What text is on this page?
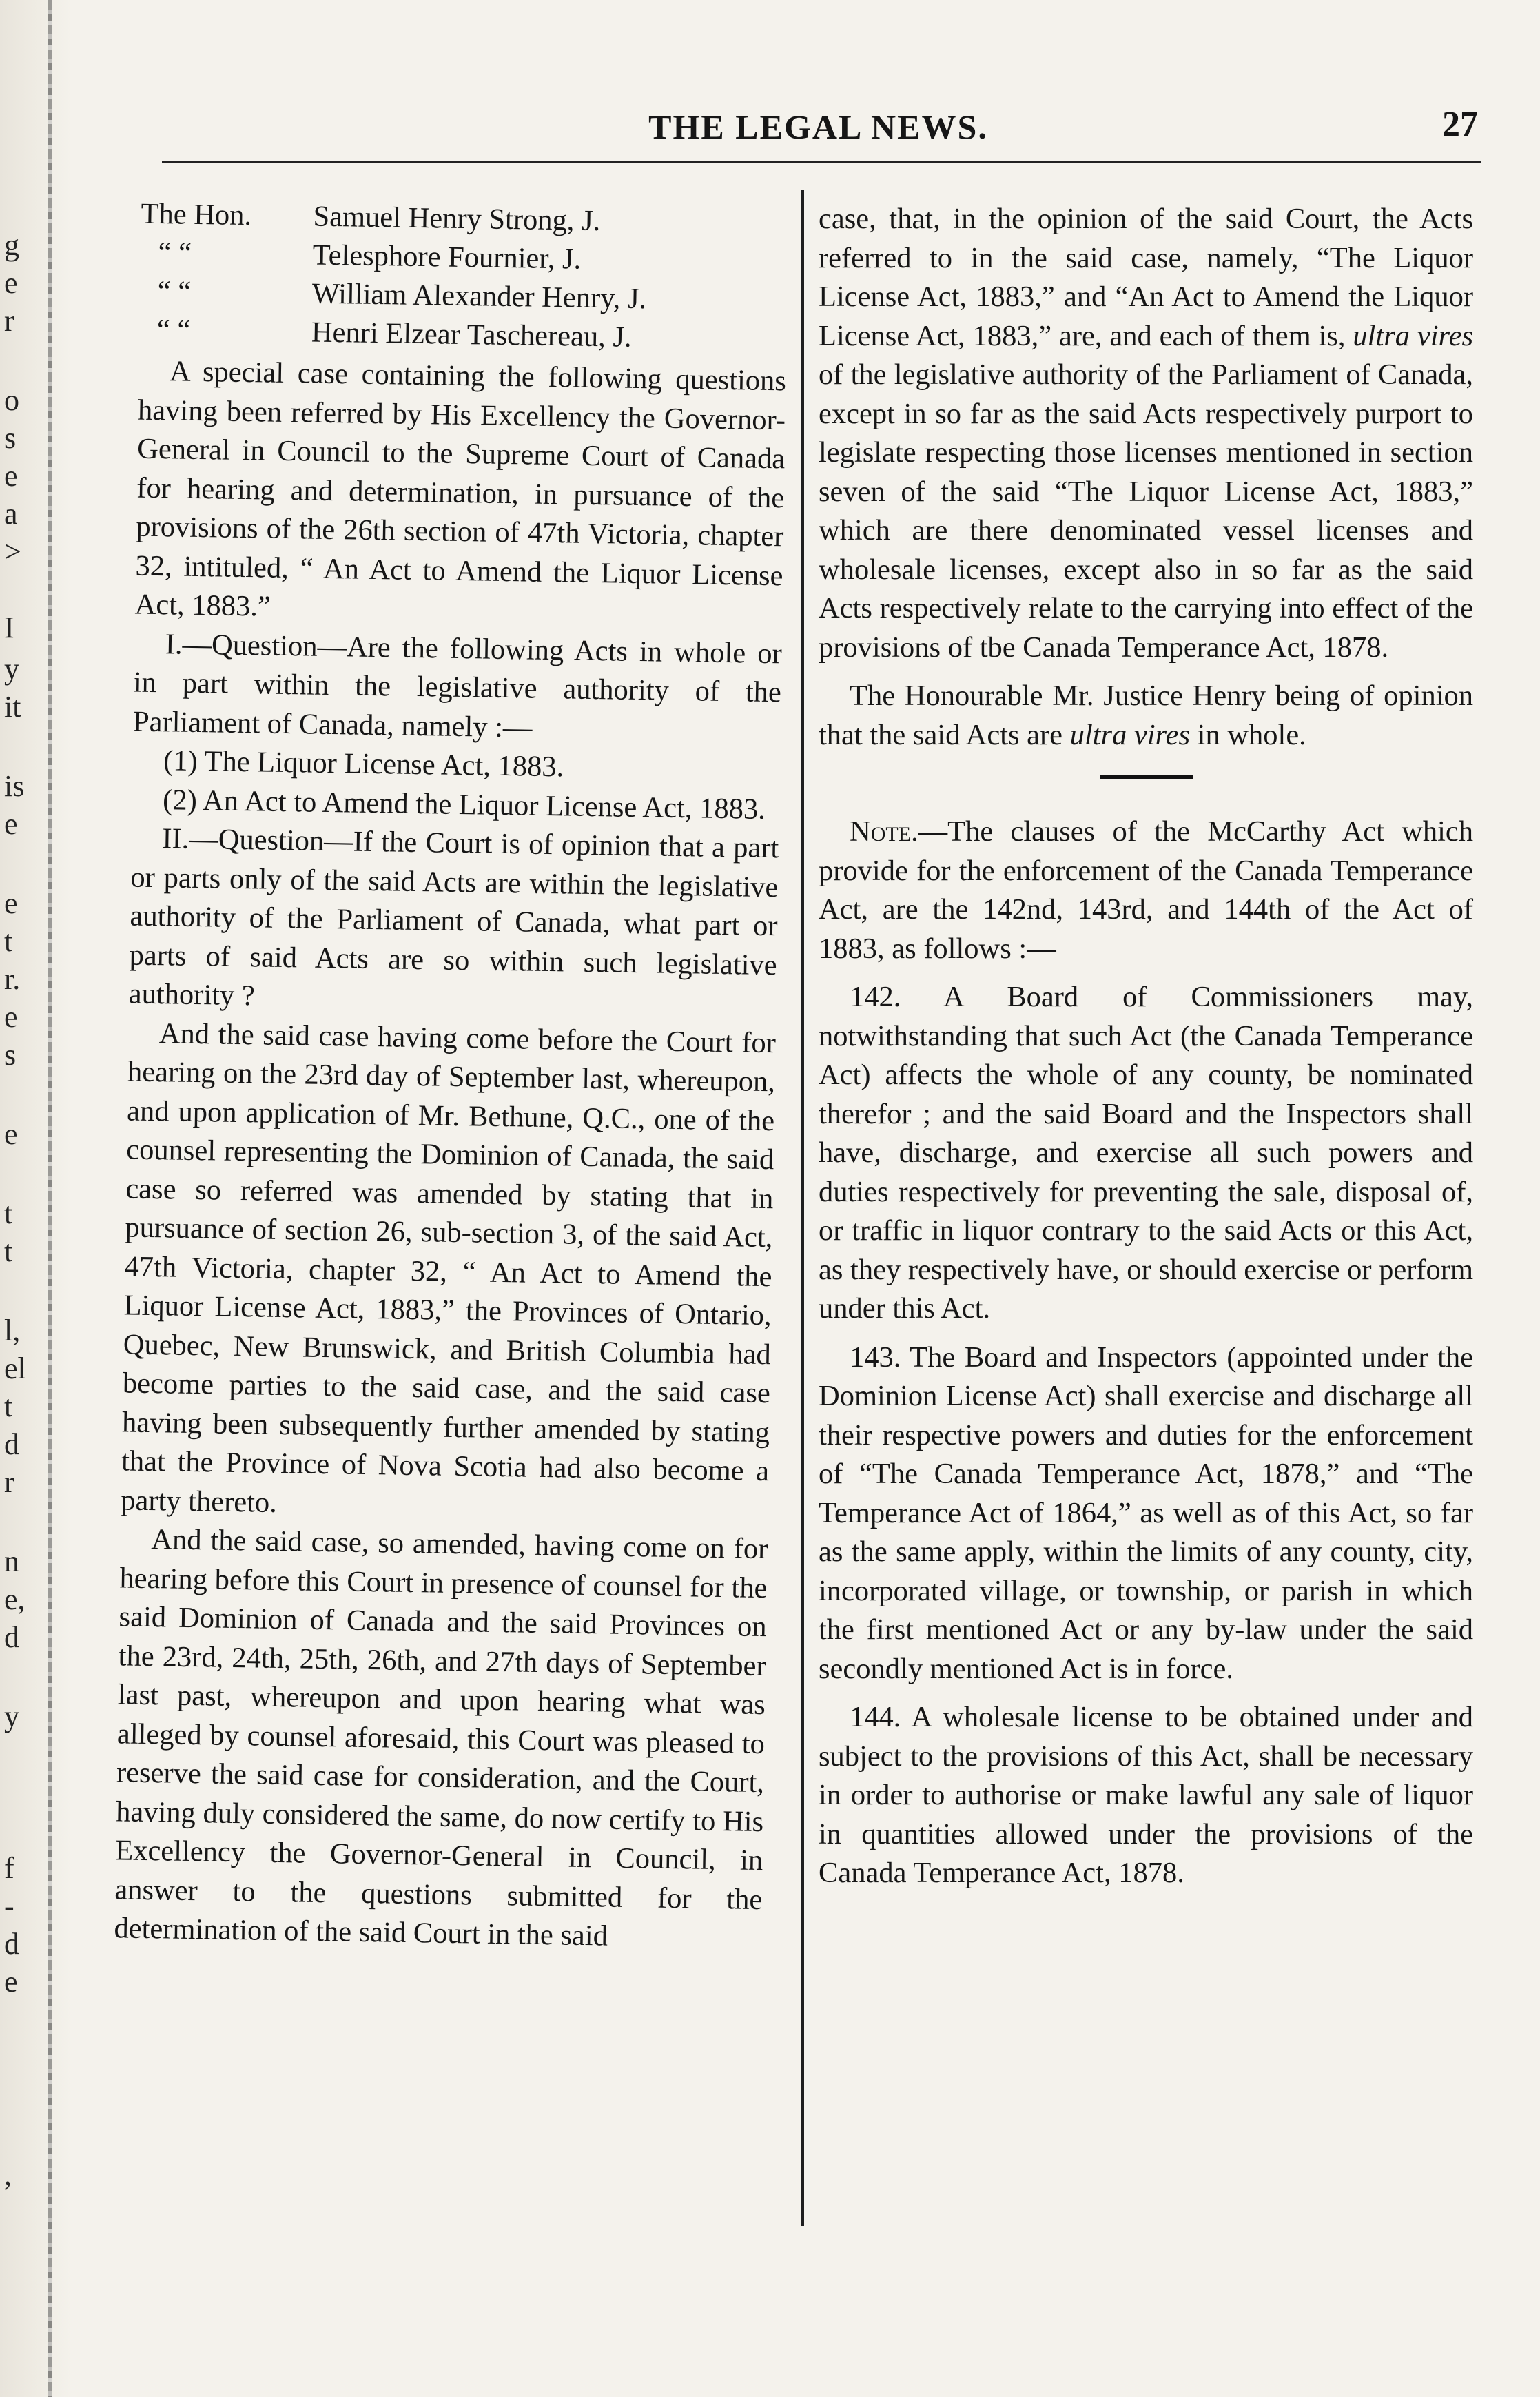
g
e
r
o
s
e
a
>
I
y
it
is
e
e
t
r.
e
s
e
t
t
l,
el
t
d
r
n
e,
d
y
f
-
d
e
,
THE LEGAL NEWS.	27
The Hon.	Samuel Henry Strong, J.
“ “	Telesphore Fournier, J.
“ “	William Alexander Henry, J.
“ “	Henri Elzear Taschereau, J.

A special case containing the following questions having been referred by His Excellency the Governor-General in Council to the Supreme Court of Canada for hearing and determination, in pursuance of the provisions of the 26th section of 47th Victoria, chapter 32, intituled, “ An Act to Amend the Liquor License Act, 1883.”

I.—Question—Are the following Acts in whole or in part within the legislative authority of the Parliament of Canada, namely :—

(1) The Liquor License Act, 1883.

(2) An Act to Amend the Liquor License Act, 1883.

II.—Question—If the Court is of opinion that a part or parts only of the said Acts are within the legislative authority of the Parliament of Canada, what part or parts of said Acts are so within such legislative authority ?

And the said case having come before the Court for hearing on the 23rd day of September last, whereupon, and upon application of Mr. Bethune, Q.C., one of the counsel representing the Dominion of Canada, the said case so referred was amended by stating that in pursuance of section 26, sub-section 3, of the said Act, 47th Victoria, chapter 32, “ An Act to Amend the Liquor License Act, 1883,” the Provinces of Ontario, Quebec, New Brunswick, and British Columbia had become parties to the said case, and the said case having been subsequently further amended by stating that the Province of Nova Scotia had also become a party thereto.

And the said case, so amended, having come on for hearing before this Court in presence of counsel for the said Dominion of Canada and the said Provinces on the 23rd, 24th, 25th, 26th, and 27th days of September last past, whereupon and upon hearing what was alleged by counsel aforesaid, this Court was pleased to reserve the said case for consideration, and the Court, having duly considered the same, do now certify to His Excellency the Governor-General in Council, in answer to the questions submitted for the determination of the said Court in the said

case, that, in the opinion of the said Court, the Acts referred to in the said case, namely, “The Liquor License Act, 1883,” and “An Act to Amend the Liquor License Act, 1883,” are, and each of them is, ultra vires of the legislative authority of the Parliament of Canada, except in so far as the said Acts respectively purport to legislate respecting those licenses mentioned in section seven of the said “The Liquor License Act, 1883,” which are there denominated vessel licenses and wholesale licenses, except also in so far as the said Acts respectively relate to the carrying into effect of the provisions of tbe Canada Temperance Act, 1878.

The Honourable Mr. Justice Henry being of opinion that the said Acts are ultra vires in whole.

Note.—The clauses of the McCarthy Act which provide for the enforcement of the Canada Temperance Act, are the 142nd, 143rd, and 144th of the Act of 1883, as follows :—

142. A Board of Commissioners may, notwithstanding that such Act (the Canada Temperance Act) affects the whole of any county, be nominated therefor ; and the said Board and the Inspectors shall have, discharge, and exercise all such powers and duties respectively for preventing the sale, disposal of, or traffic in liquor contrary to the said Acts or this Act, as they respectively have, or should exercise or perform under this Act.

143. The Board and Inspectors (appointed under the Dominion License Act) shall exercise and discharge all their respective powers and duties for the enforcement of “The Canada Temperance Act, 1878,” and “The Temperance Act of 1864,” as well as of this Act, so far as the same apply, within the limits of any county, city, incorporated village, or township, or parish in which the first mentioned Act or any by-law under the said secondly mentioned Act is in force.

144. A wholesale license to be obtained under and subject to the provisions of this Act, shall be necessary in order to authorise or make lawful any sale of liquor in quantities allowed under the provisions of the Canada Temperance Act, 1878.
